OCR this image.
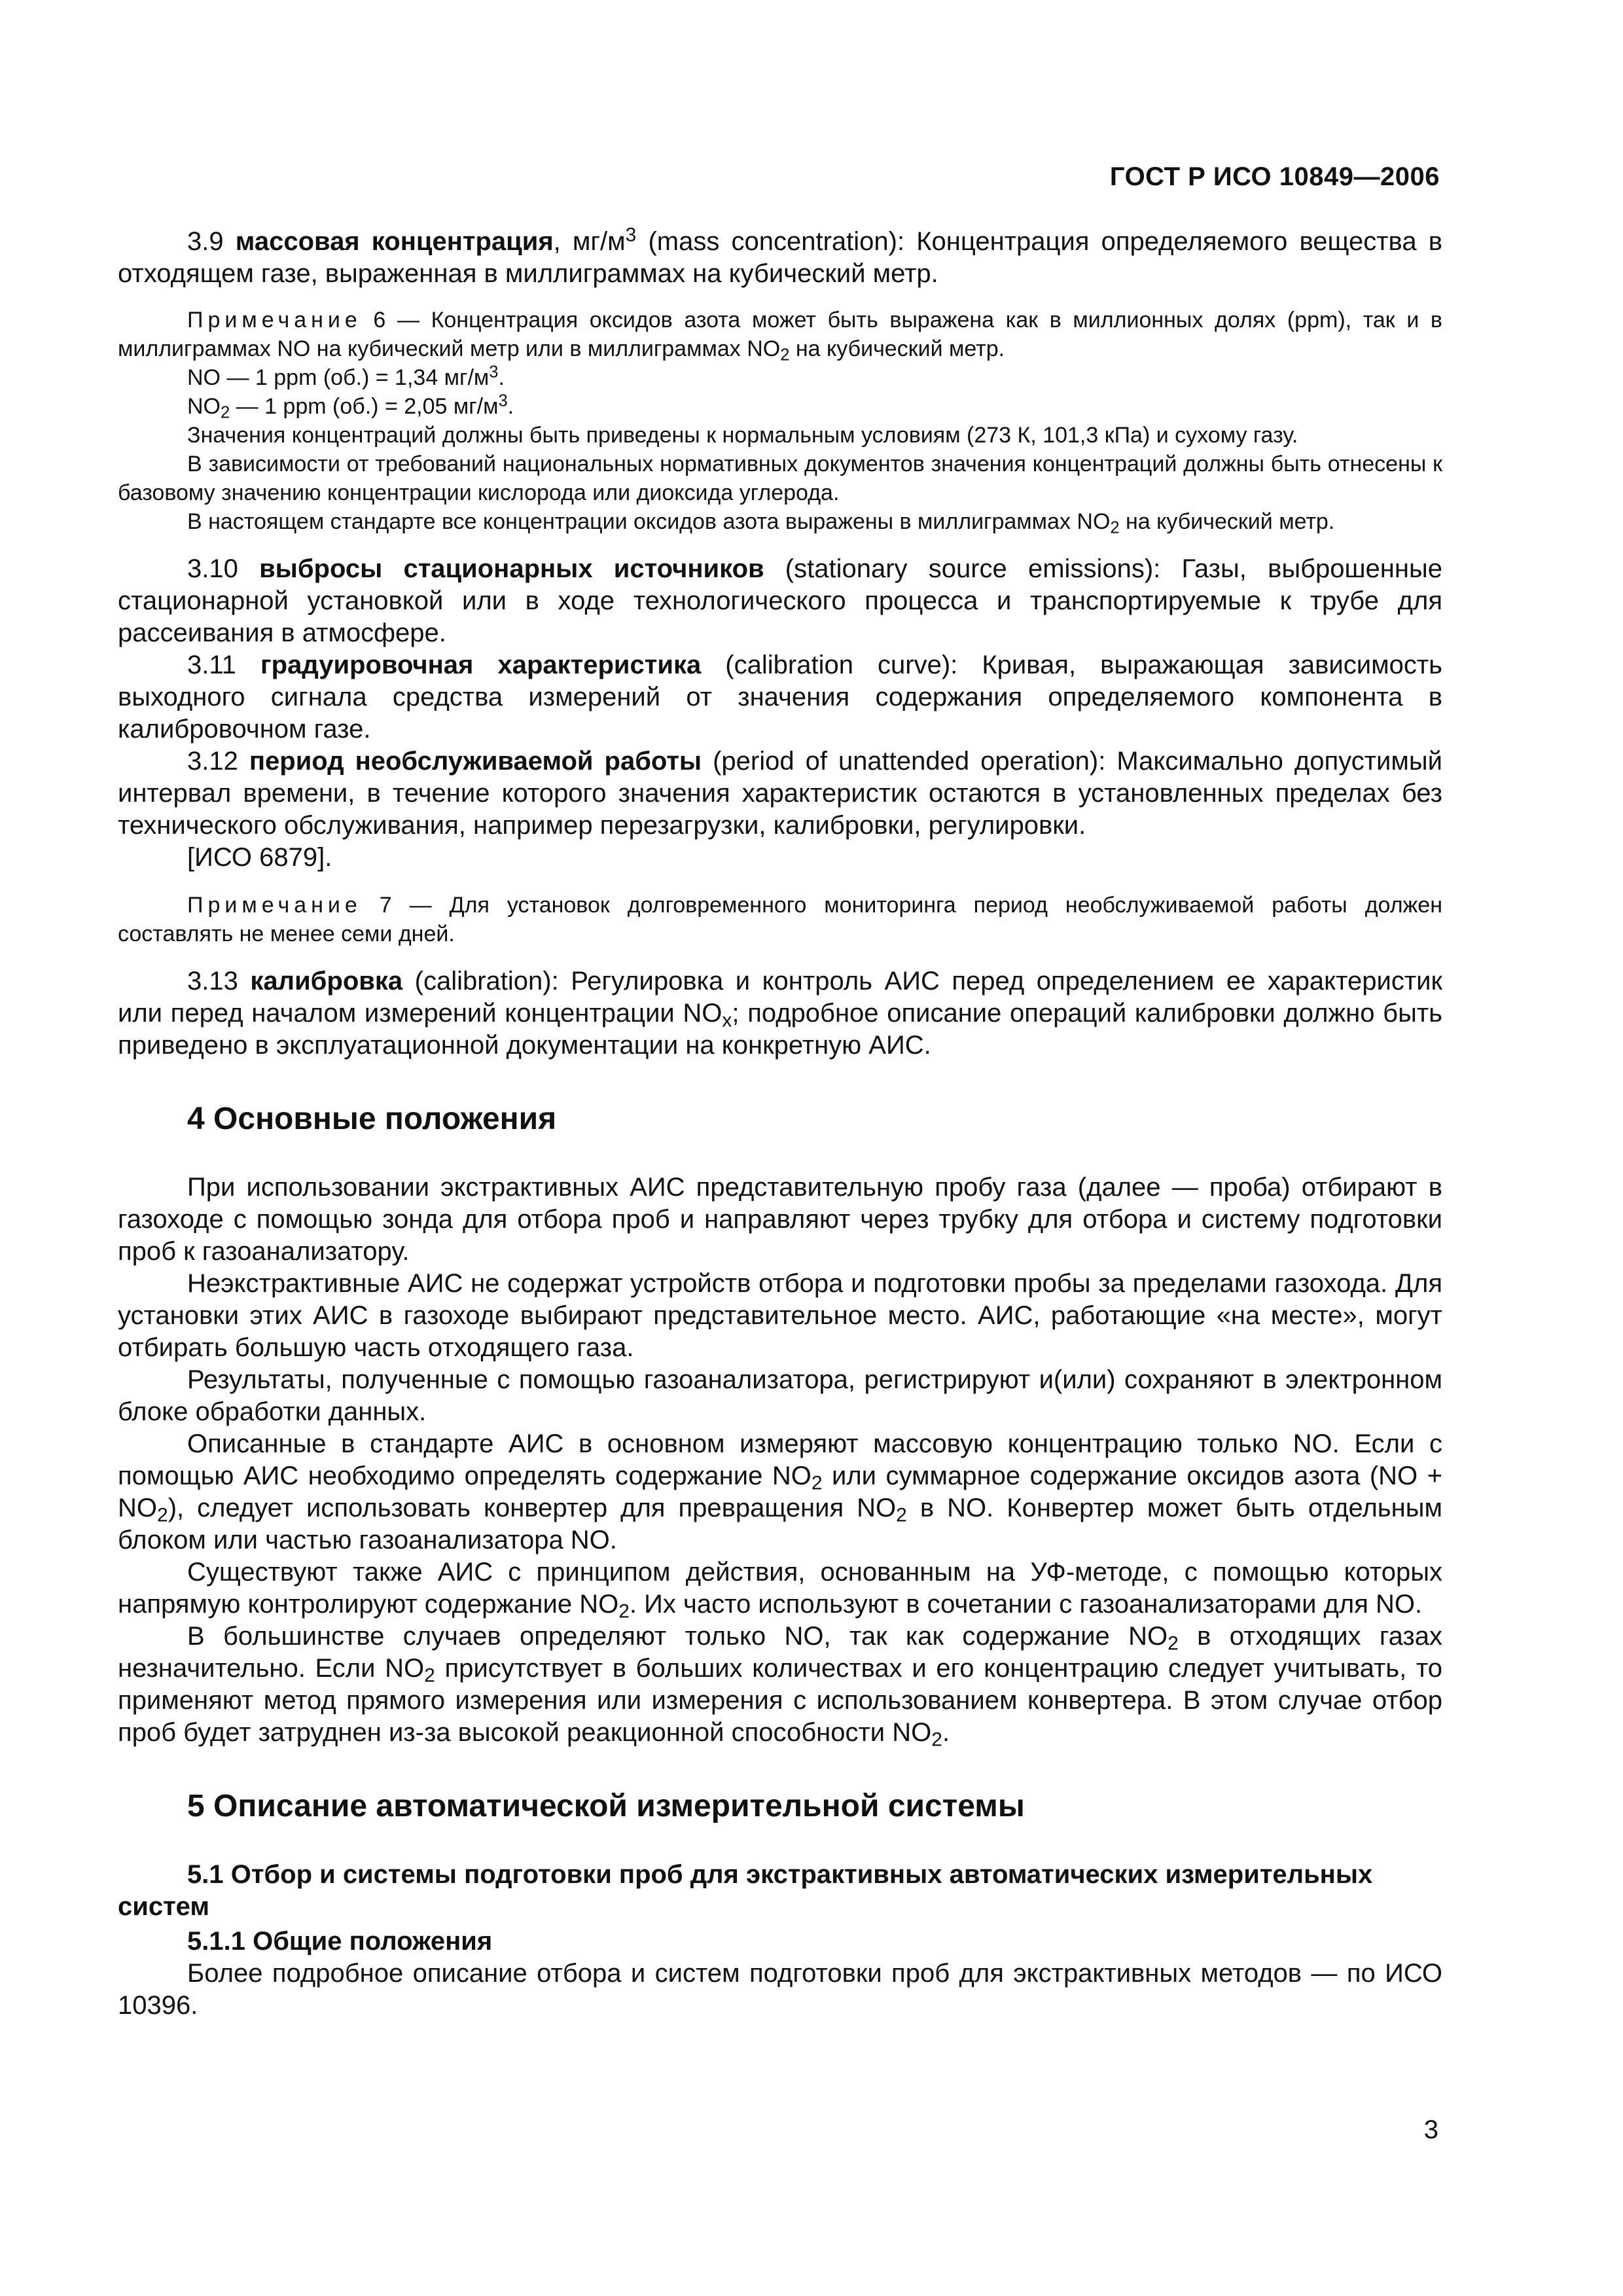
ГОСТ Р ИСО 10849—2006

3.9 массовая концентрация, $мг/м^3$ (mass concentration): Концентрация определяемого вещества в отходящем газе, выраженная в миллиграммах на кубический метр.

Примечание 6 — Концентрация оксидов азота может быть выражена как в миллионных долях (ppm), так и в миллиграммах NO на кубический метр или в миллиграммах $NO_2$ на кубический метр.

NO — 1 ppm (об.) = 1,34 $мг/м^3$.

$NO_2$ — 1 ppm (об.) = 2,05 $мг/м^3$.

Значения концентраций должны быть приведены к нормальным условиям (273 К, 101,3 кПа) и сухому газу.

В зависимости от требований национальных нормативных документов значения концентраций должны быть отнесены к базовому значению концентрации кислорода или диоксида углерода.

В настоящем стандарте все концентрации оксидов азота выражены в миллиграммах $NO_2$ на кубический метр.

3.10 выбросы стационарных источников (stationary source emissions): Газы, выброшенные стационарной установкой или в ходе технологического процесса и транспортируемые к трубе для рассеивания в атмосфере.

3.11 градуировочная характеристика (calibration curve): Кривая, выражающая зависимость выходного сигнала средства измерений от значения содержания определяемого компонента в калибровочном газе.

3.12 период необслуживаемой работы (period of unattended operation): Максимально допустимый интервал времени, в течение которого значения характеристик остаются в установленных пределах без технического обслуживания, например перезагрузки, калибровки, регулировки.

[ИСО 6879].

Примечание 7 — Для установок долговременного мониторинга период необслуживаемой работы должен составлять не менее семи дней.

3.13 калибровка (calibration): Регулировка и контроль АИС перед определением ее характеристик или перед началом измерений концентрации $NO_x$; подробное описание операций калибровки должно быть приведено в эксплуатационной документации на конкретную АИС.

4 Основные положения

При использовании экстрактивных АИС представительную пробу газа (далее — проба) отбирают в газоходе с помощью зонда для отбора проб и направляют через трубку для отбора и систему подготовки проб к газоанализатору.

Неэкстрактивные АИС не содержат устройств отбора и подготовки пробы за пределами газохода. Для установки этих АИС в газоходе выбирают представительное место. АИС, работающие «на месте», могут отбирать большую часть отходящего газа.

Результаты, полученные с помощью газоанализатора, регистрируют и(или) сохраняют в электронном блоке обработки данных.

Описанные в стандарте АИС в основном измеряют массовую концентрацию только NO. Если с помощью АИС необходимо определять содержание $NO_2$ или суммарное содержание оксидов азота $(NO + NO_2)$, следует использовать конвертер для превращения $NO_2$ в NO. Конвертер может быть отдельным блоком или частью газоанализатора NO.

Существуют также АИС с принципом действия, основанным на УФ-методе, с помощью которых напрямую контролируют содержание $NO_2$. Их часто используют в сочетании с газоанализаторами для NO.

В большинстве случаев определяют только NO, так как содержание $NO_2$ в отходящих газах незначительно. Если $NO_2$ присутствует в больших количествах и его концентрацию следует учитывать, то применяют метод прямого измерения или измерения с использованием конвертера. В этом случае отбор проб будет затруднен из-за высокой реакционной способности $NO_2$.

5 Описание автоматической измерительной системы
5.1 Отбор и системы подготовки проб для экстрактивных автоматических измерительных систем
5.1.1 Общие положения

Более подробное описание отбора и систем подготовки проб для экстрактивных методов — по ИСО 10396.

3
